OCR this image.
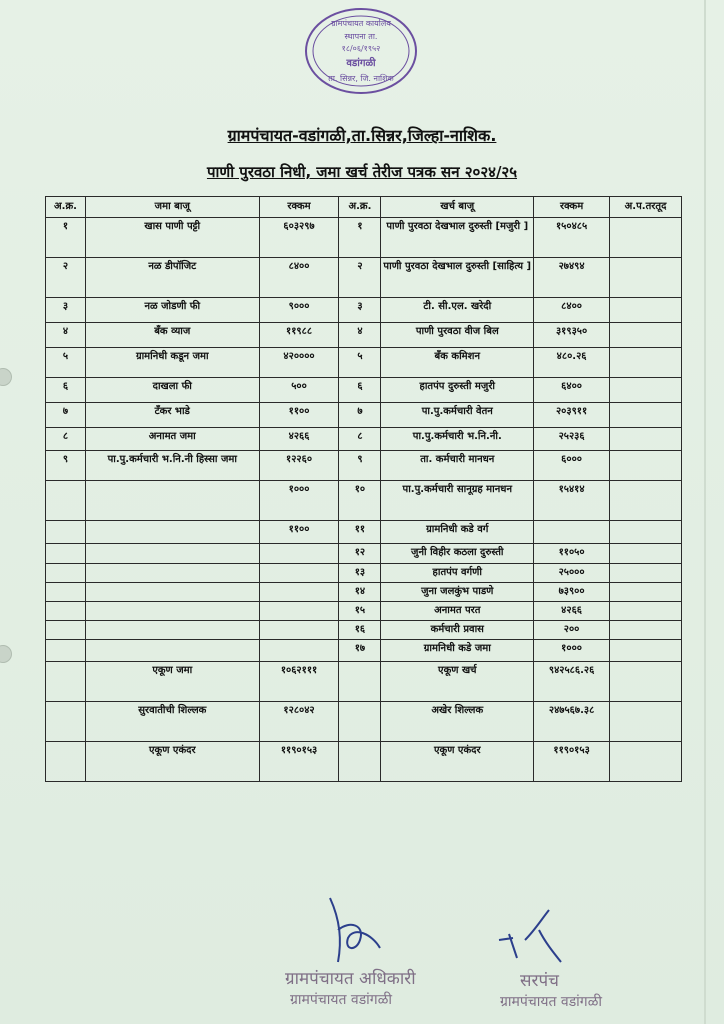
ग्रामपंचायत कार्यालय
स्थापना ता.
१८/०६/१९५२
वडांगळी
ता. सिन्नर, जि. नाशिक
ग्रामपंचायत-वडांगळी,ता.सिन्नर,जिल्हा-नाशिक.
पाणी पुरवठा निधी, जमा खर्च तेरीज पत्रक सन २०२४/२५
अ.क्र.	जमा बाजू	रक्कम	अ.क्र.	खर्च बाजू	रक्कम	अ.प.तरतूद
१	खास पाणी पट्टी	६०३२९७	१	पाणी पुरवठा देखभाल दुरुस्ती [मजुरी ]	१५०४८५	
२	नळ डीपॉजिट	८४००	२	पाणी पुरवठा देखभाल दुरुस्ती [साहित्य ]	२७४९४	
३	नळ जोडणी फी	९०००	३	टी. सी.एल. खरेदी	८४००	
४	बँक व्याज	११९८८	४	पाणी पुरवठा वीज बिल	३१९३५०	
५	ग्रामनिधी कडून जमा	४२००००	५	बँक कमिशन	४८०.२६	
६	दाखला फी	५००	६	हातपंप दुरुस्ती मजुरी	६४००	
७	टँकर भाडे	११००	७	पा.पु.कर्मचारी वेतन	२०३९११	
८	अनामत जमा	४२६६	८	पा.पु.कर्मचारी भ.नि.नी.	२५२३६	
९	पा.पु.कर्मचारी भ.नि.नी हिस्सा जमा	१२२६०	९	ता. कर्मचारी मानधन	६०००	
		१०००	१०	पा.पु.कर्मचारी सानूग्रह मानधन	१५४१४	
		११००	११	ग्रामनिधी कडे वर्ग		
			१२	जुनी विहीर कठला दुरुस्ती	११०५०	
			१३	हातपंप वर्गणी	२५०००	
			१४	जुना जलकुंभ पाडणे	७३९००	
			१५	अनामत परत	४२६६	
			१६	कर्मचारी प्रवास	२००	
			१७	ग्रामनिधी कडे जमा	१०००	
	एकूण जमा	१०६२१११		एकूण खर्च	९४२५८६.२६	
	सुरवातीची शिल्लक	१२८०४२		अखेर शिल्लक	२४७५६७.३८	
	एकूण एकंदर	११९०१५३		एकूण एकंदर	११९०१५३	
ग्रामपंचायत अधिकारी
ग्रामपंचायत वडांगळी
सरपंच
ग्रामपंचायत वडांगळी
